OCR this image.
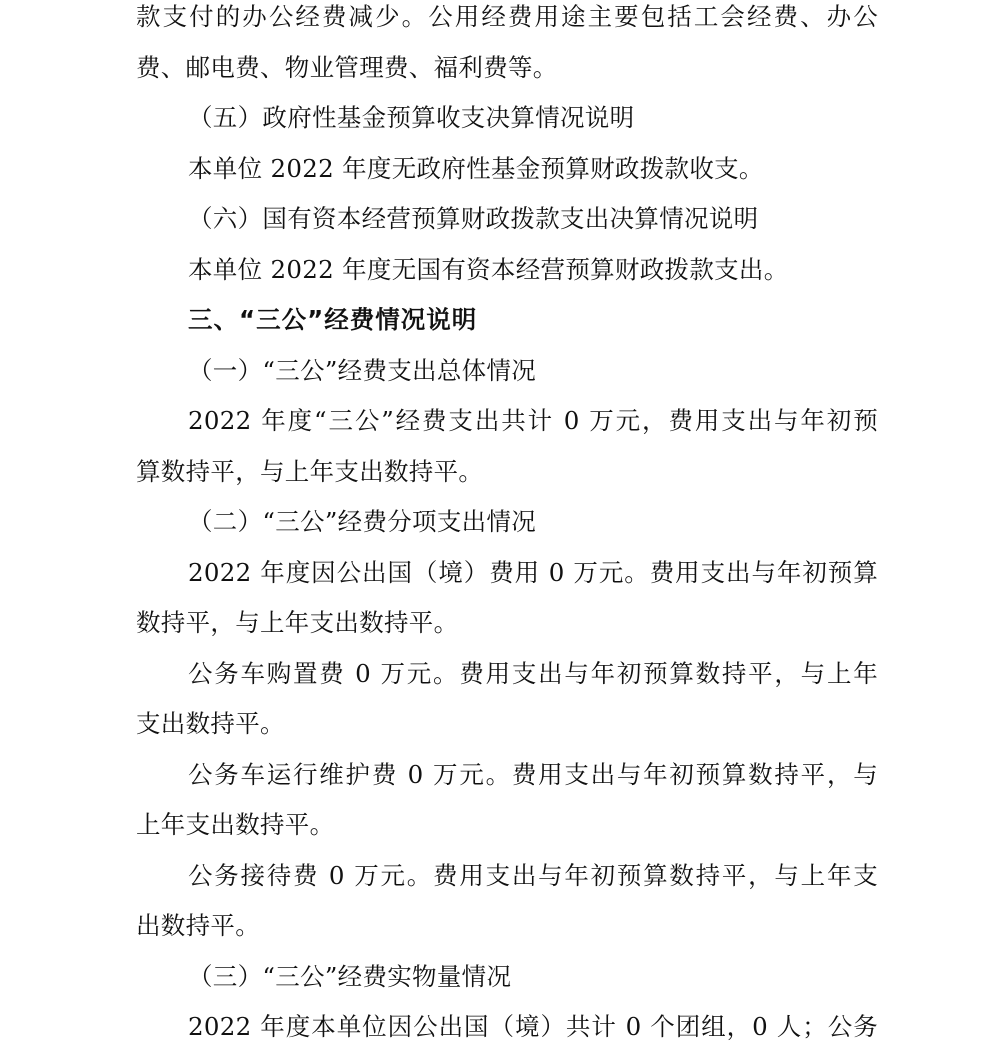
款支付的办公经费减少。公用经费用途主要包括工会经费、办公
费、邮电费、物业管理费、福利费等。
（五）政府性基金预算收支决算情况说明
本单位 2022 年度无政府性基金预算财政拨款收支。
（六）国有资本经营预算财政拨款支出决算情况说明
本单位 2022 年度无国有资本经营预算财政拨款支出。
三、“三公”经费情况说明
（一）“三公”经费支出总体情况
2022 年度“三公”经费支出共计 0 万元，费用支出与年初预
算数持平，与上年支出数持平。
（二）“三公”经费分项支出情况
2022 年度因公出国（境）费用 0 万元。费用支出与年初预算
数持平，与上年支出数持平。
公务车购置费 0 万元。费用支出与年初预算数持平，与上年
支出数持平。
公务车运行维护费 0 万元。费用支出与年初预算数持平，与
上年支出数持平。
公务接待费 0 万元。费用支出与年初预算数持平，与上年支
出数持平。
（三）“三公”经费实物量情况
2022 年度本单位因公出国（境）共计 0 个团组，0 人；公务
